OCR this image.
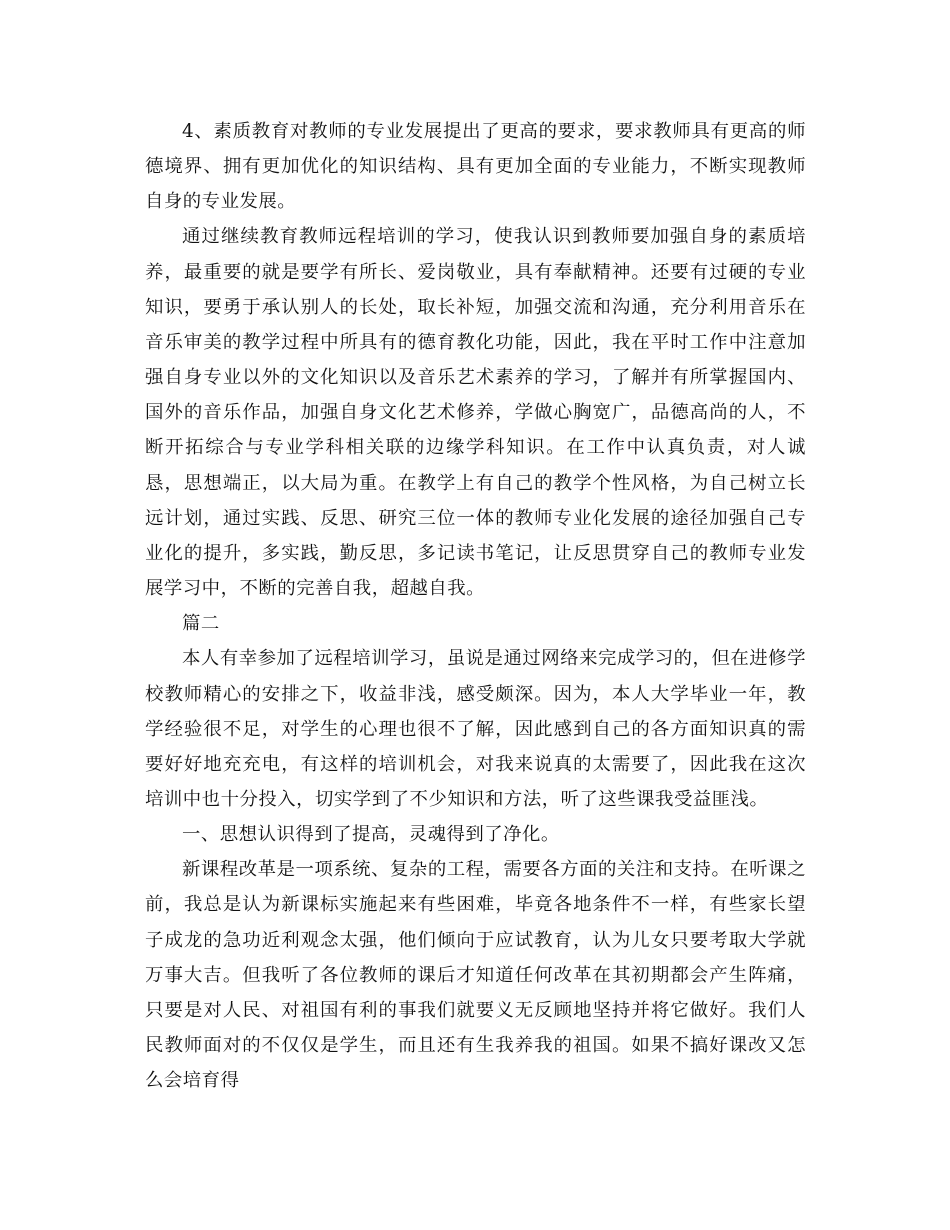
4、素质教育对教师的专业发展提出了更高的要求，要求教师具有更高的师德境界、拥有更加优化的知识结构、具有更加全面的专业能力，不断实现教师自身的专业发展。

通过继续教育教师远程培训的学习，使我认识到教师要加强自身的素质培养，最重要的就是要学有所长、爱岗敬业，具有奉献精神。还要有过硬的专业知识，要勇于承认别人的长处，取长补短，加强交流和沟通，充分利用音乐在音乐审美的教学过程中所具有的德育教化功能，因此，我在平时工作中注意加强自身专业以外的文化知识以及音乐艺术素养的学习，了解并有所掌握国内、国外的音乐作品，加强自身文化艺术修养，学做心胸宽广，品德高尚的人，不断开拓综合与专业学科相关联的边缘学科知识。在工作中认真负责，对人诚恳，思想端正，以大局为重。在教学上有自己的教学个性风格，为自己树立长远计划，通过实践、反思、研究三位一体的教师专业化发展的途径加强自己专业化的提升，多实践，勤反思，多记读书笔记，让反思贯穿自己的教师专业发展学习中，不断的完善自我，超越自我。

篇二

本人有幸参加了远程培训学习，虽说是通过网络来完成学习的，但在进修学校教师精心的安排之下，收益非浅，感受颇深。因为，本人大学毕业一年，教学经验很不足，对学生的心理也很不了解，因此感到自己的各方面知识真的需要好好地充充电，有这样的培训机会，对我来说真的太需要了，因此我在这次培训中也十分投入，切实学到了不少知识和方法，听了这些课我受益匪浅。

一、思想认识得到了提高，灵魂得到了净化。

新课程改革是一项系统、复杂的工程，需要各方面的关注和支持。在听课之前，我总是认为新课标实施起来有些困难，毕竟各地条件不一样，有些家长望子成龙的急功近利观念太强，他们倾向于应试教育，认为儿女只要考取大学就万事大吉。但我听了各位教师的课后才知道任何改革在其初期都会产生阵痛，只要是对人民、对祖国有利的事我们就要义无反顾地坚持并将它做好。我们人民教师面对的不仅仅是学生，而且还有生我养我的祖国。如果不搞好课改又怎么会培育得
